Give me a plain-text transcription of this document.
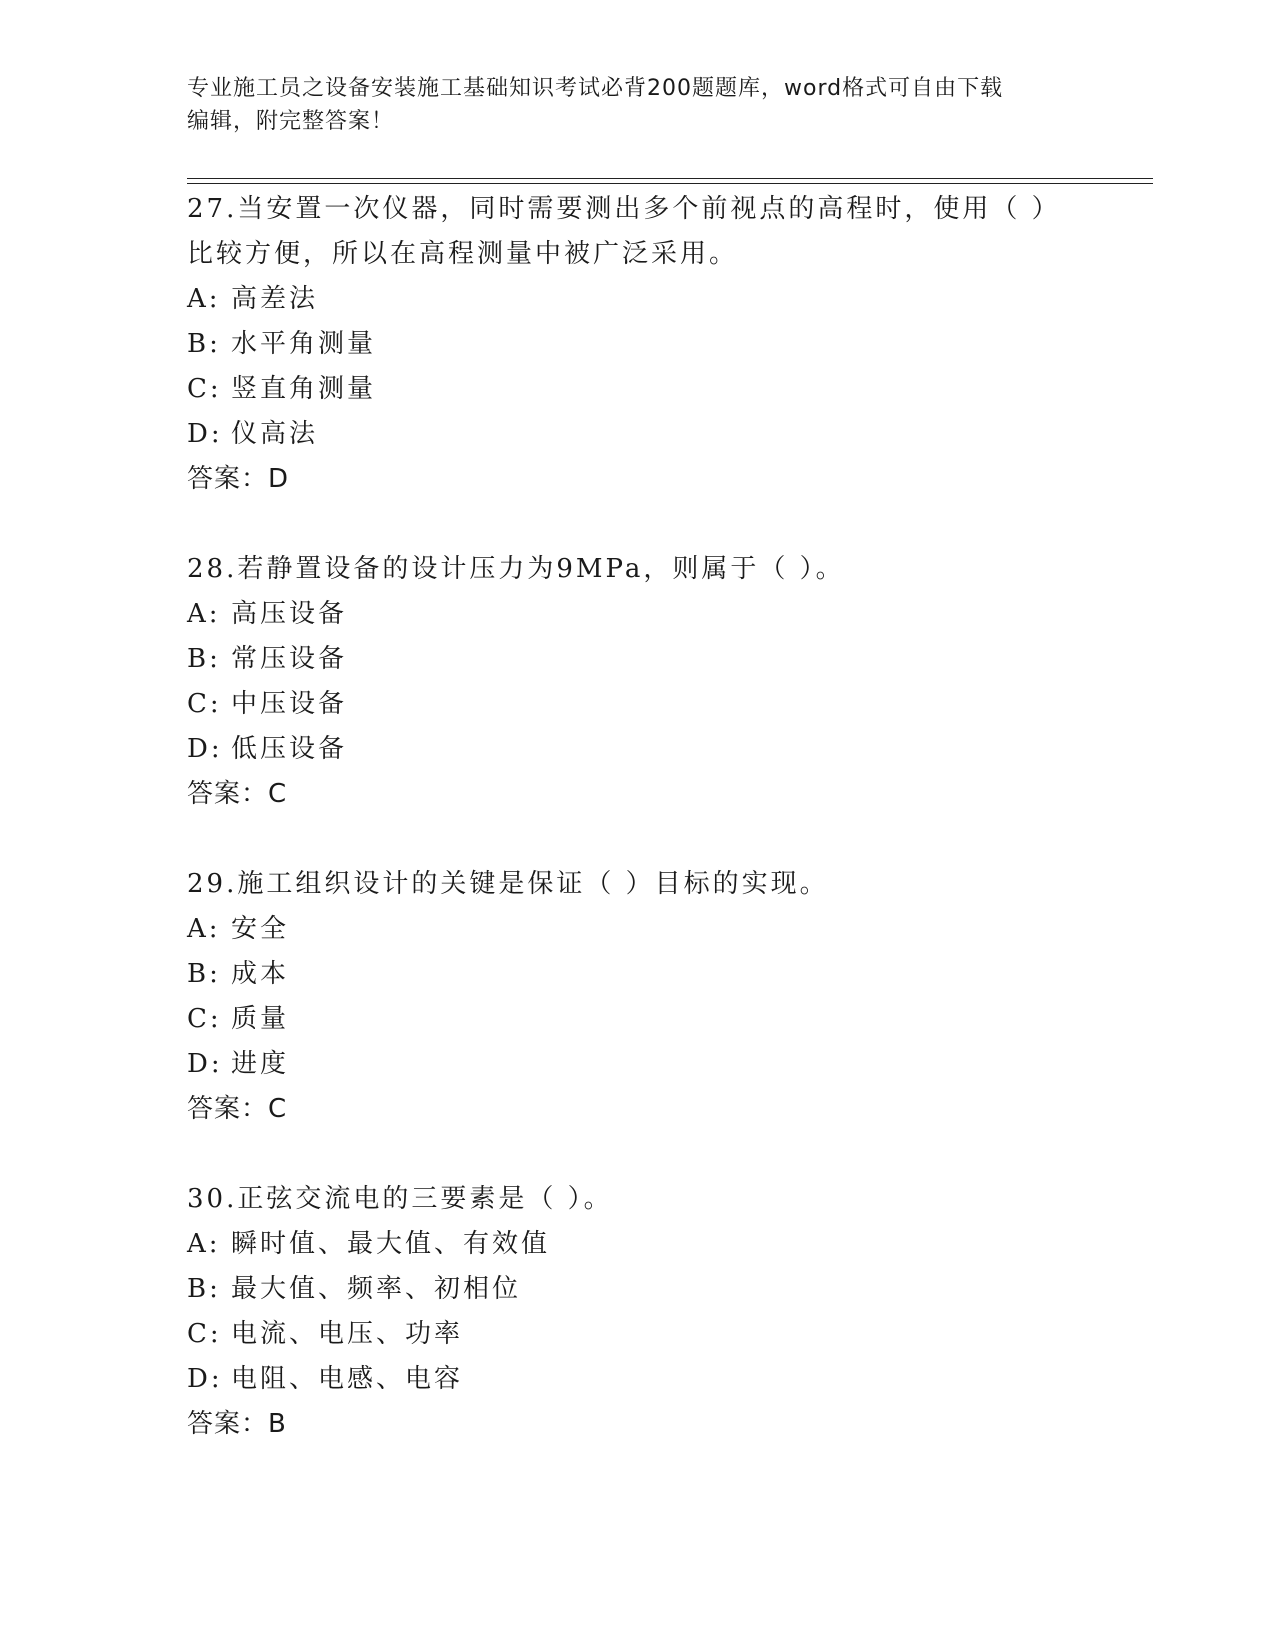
专业施工员之设备安装施工基础知识考试必背200题题库，word格式可自由下载
编辑，附完整答案！
27.当安置一次仪器，同时需要测出多个前视点的高程时，使用（ ）
比较方便，所以在高程测量中被广泛采用。
A: 高差法
B: 水平角测量
C: 竖直角测量
D: 仪高法
答案：D
28.若静置设备的设计压力为9MPa，则属于（ ）。
A: 高压设备
B: 常压设备
C: 中压设备
D: 低压设备
答案：C
29.施工组织设计的关键是保证（ ）目标的实现。
A: 安全
B: 成本
C: 质量
D: 进度
答案：C
30.正弦交流电的三要素是（ ）。
A: 瞬时值、最大值、有效值
B: 最大值、频率、初相位
C: 电流、电压、功率
D: 电阻、电感、电容
答案：B
